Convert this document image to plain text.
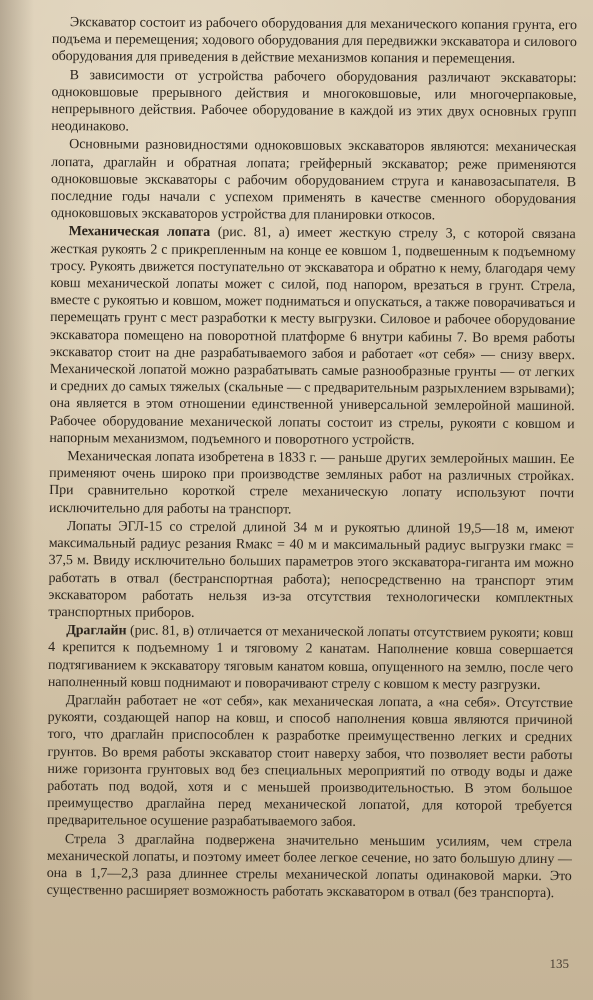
Экскаватор состоит из рабочего оборудования для механического копания грунта, его подъема и перемещения; ходового оборудования для передвижки экскаватора и силового оборудования для приведения в действие механизмов копания и перемещения.

В зависимости от устройства рабочего оборудования различают экскаваторы: одноковшовые прерывного действия и многоковшовые, или многочерпаковые, непрерывного действия. Рабочее оборудование в каждой из этих двух основных групп неодинаково.

Основными разновидностями одноковшовых экскаваторов являются: механическая лопата, драглайн и обратная лопата; грейферный экскаватор; реже применяются одноковшовые экскаваторы с рабочим оборудованием струга и канавозасыпателя. В последние годы начали с успехом применять в качестве сменного оборудования одноковшовых экскаваторов устройства для планировки откосов.

Механическая лопата (рис. 81, а) имеет жесткую стрелу 3, с которой связана жесткая рукоять 2 с прикрепленным на конце ее ковшом 1, подвешенным к подъемному тросу. Рукоять движется поступательно от экскаватора и обратно к нему, благодаря чему ковш механической лопаты может с силой, под напором, врезаться в грунт. Стрела, вместе с рукоятью и ковшом, может подниматься и опускаться, а также поворачиваться и перемещать грунт с мест разработки к месту выгрузки. Силовое и рабочее оборудование экскаватора помещено на поворотной платформе 6 внутри кабины 7. Во время работы экскаватор стоит на дне разрабатываемого забоя и работает «от себя» — снизу вверх. Механической лопатой можно разрабатывать самые разнообразные грунты — от легких и средних до самых тяжелых (скальные — с предварительным разрыхлением взрывами); она является в этом отношении единственной универсальной землеройной машиной. Рабочее оборудование механической лопаты состоит из стрелы, рукояти с ковшом и напорным механизмом, подъемного и поворотного устройств.

Механическая лопата изобретена в 1833 г. — раньше других землеройных машин. Ее применяют очень широко при производстве земляных работ на различных стройках. При сравнительно короткой стреле механическую лопату используют почти исключительно для работы на транспорт.

Лопаты ЭГЛ-15 со стрелой длиной 34 м и рукоятью длиной 19,5—18 м, имеют максимальный радиус резания Rмакс = 40 м и максимальный радиус выгрузки rмакс = 37,5 м. Ввиду исключительно больших параметров этого экскаватора-гиганта им можно работать в отвал (бестранспортная работа); непосредственно на транспорт этим экскаватором работать нельзя из-за отсутствия технологически комплектных транспортных приборов.

Драглайн (рис. 81, в) отличается от механической лопаты отсутствием рукояти; ковш 4 крепится к подъемному 1 и тяговому 2 канатам. Наполнение ковша совершается подтягиванием к экскаватору тяговым канатом ковша, опущенного на землю, после чего наполненный ковш поднимают и поворачивают стрелу с ковшом к месту разгрузки.

Драглайн работает не «от себя», как механическая лопата, а «на себя». Отсутствие рукояти, создающей напор на ковш, и способ наполнения ковша являются причиной того, что драглайн приспособлен к разработке преимущественно легких и средних грунтов. Во время работы экскаватор стоит наверху забоя, что позволяет вести работы ниже горизонта грунтовых вод без специальных мероприятий по отводу воды и даже работать под водой, хотя и с меньшей производительностью. В этом большое преимущество драглайна перед механической лопатой, для которой требуется предварительное осушение разрабатываемого забоя.

Стрела 3 драглайна подвержена значительно меньшим усилиям, чем стрела механической лопаты, и поэтому имеет более легкое сечение, но зато большую длину — она в 1,7—2,3 раза длиннее стрелы механической лопаты одинаковой марки. Это существенно расширяет возможность работать экскаватором в отвал (без транспорта).

135
